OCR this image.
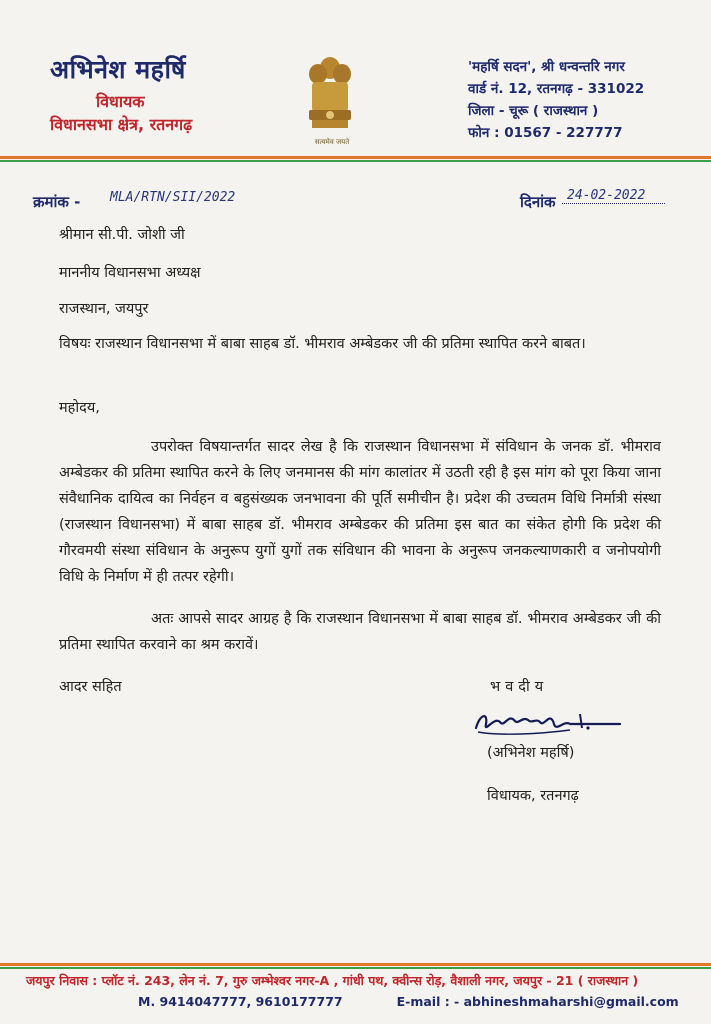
अभिनेश महर्षि
विधायक
विधानसभा क्षेत्र, रतनगढ़
सत्यमेव जयते
'महर्षि सदन', श्री धन्वन्तरि नगर
वार्ड नं. 12, रतनगढ़ - 331022
जिला - चूरू ( राजस्थान )
फोन : 01567 - 227777
क्रमांक - MLA/RTN/SII/2022	दिनांक 24-02-2022
श्रीमान सी.पी. जोशी जी
माननीय विधानसभा अध्यक्ष
राजस्थान, जयपुर
विषयः राजस्थान विधानसभा में बाबा साहब डॉ. भीमराव अम्बेडकर जी की प्रतिमा स्थापित करने बाबत।
महोदय,
उपरोक्त विषयान्तर्गत सादर लेख है कि राजस्थान विधानसभा में संविधान के जनक डॉ. भीमराव अम्बेडकर की प्रतिमा स्थापित करने के लिए जनमानस की मांग कालांतर में उठती रही है इस मांग को पूरा किया जाना संवैधानिक दायित्व का निर्वहन व बहुसंख्यक जनभावना की पूर्ति समीचीन है। प्रदेश की उच्चतम विधि निर्मात्री संस्था (राजस्थान विधानसभा) में बाबा साहब डॉ. भीमराव अम्बेडकर की प्रतिमा इस बात का संकेत होगी कि प्रदेश की गौरवमयी संस्था संविधान के अनुरूप युगों युगों तक संविधान की भावना के अनुरूप जनकल्याणकारी व जनोपयोगी विधि के निर्माण में ही तत्पर रहेगी।
अतः आपसे सादर आग्रह है कि राजस्थान विधानसभा में बाबा साहब डॉ. भीमराव अम्बेडकर जी की प्रतिमा स्थापित करवाने का श्रम करावें।
आदर सहित	भवदीय
(अभिनेश महर्षि)
विधायक, रतनगढ़
जयपुर निवास : प्लॉट नं. 243, लेन नं. 7, गुरु जम्भेश्वर नगर-A , गांधी पथ, क्वीन्स रोड़, वैशाली नगर, जयपुर - 21 ( राजस्थान )
M. 9414047777, 9610177777	E-mail : - abhineshmaharshi@gmail.com
